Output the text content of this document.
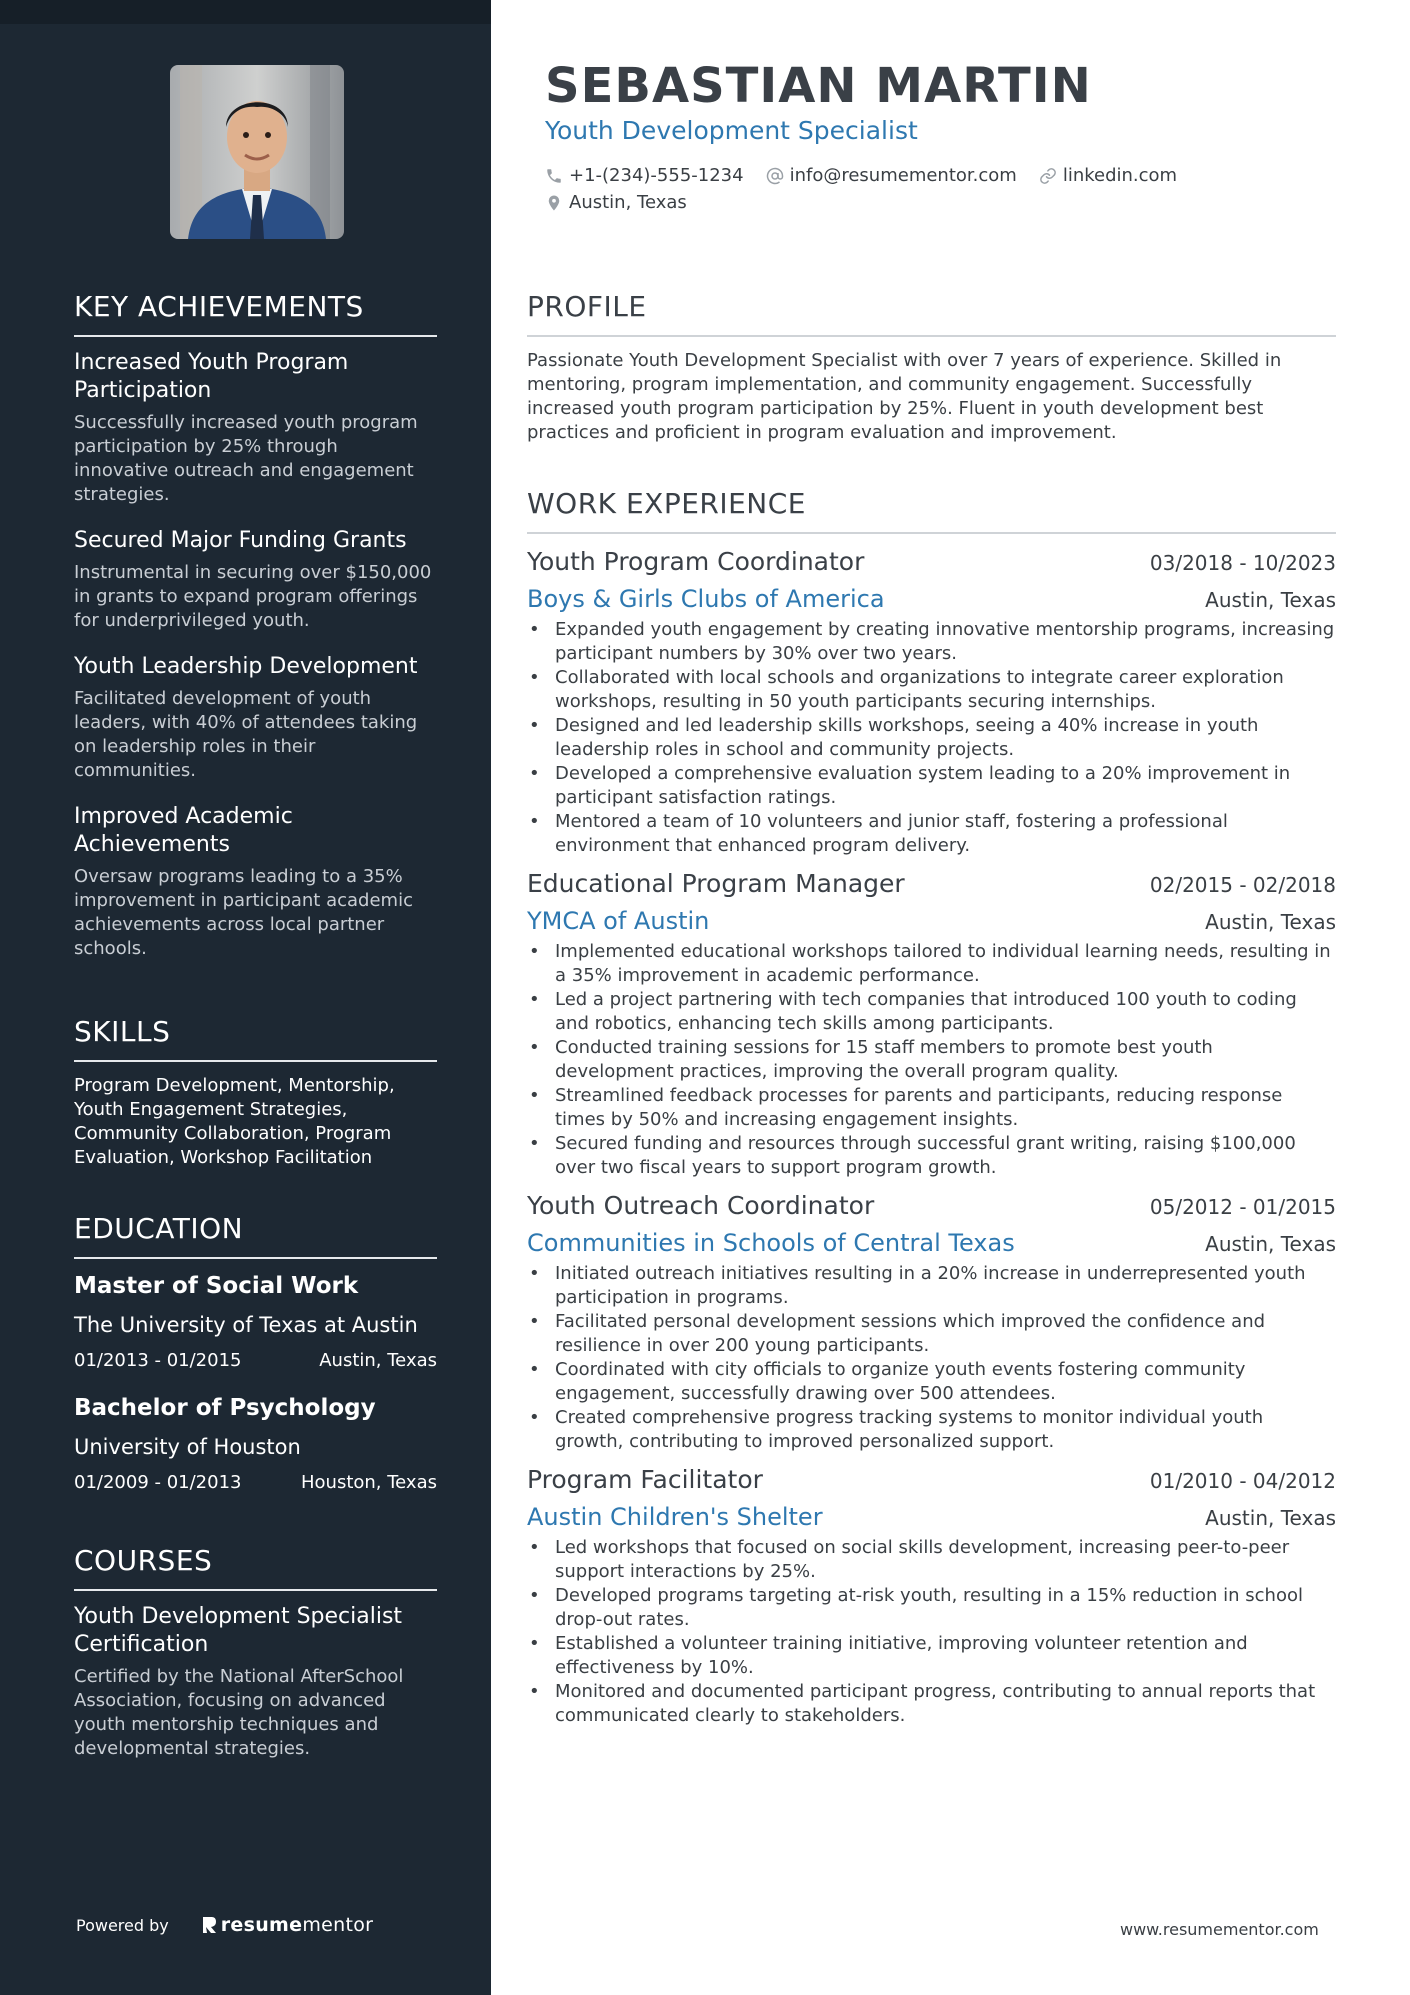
KEY ACHIEVEMENTS
Increased Youth Program Participation
Successfully increased youth program participation by 25% through innovative outreach and engagement strategies.
Secured Major Funding Grants
Instrumental in securing over $150,000 in grants to expand program offerings for underprivileged youth.
Youth Leadership Development
Facilitated development of youth leaders, with 40% of attendees taking on leadership roles in their communities.
Improved Academic Achievements
Oversaw programs leading to a 35% improvement in participant academic achievements across local partner schools.
SKILLS
Program Development, Mentorship, Youth Engagement Strategies, Community Collaboration, Program Evaluation, Workshop Facilitation
EDUCATION
Master of Social Work
The University of Texas at Austin
01/2013 - 01/2015	Austin, Texas
Bachelor of Psychology
University of Houston
01/2009 - 01/2013	Houston, Texas
COURSES
Youth Development Specialist Certification
Certified by the National AfterSchool Association, focusing on advanced youth mentorship techniques and developmental strategies.
Powered by	resume mentor
SEBASTIAN MARTIN
Youth Development Specialist
+1-(234)-555-1234	info@resumementor.com	linkedin.com
Austin, Texas
PROFILE
Passionate Youth Development Specialist with over 7 years of experience. Skilled in mentoring, program implementation, and community engagement. Successfully increased youth program participation by 25%. Fluent in youth development best practices and proficient in program evaluation and improvement.
WORK EXPERIENCE
Youth Program Coordinator	03/2018 - 10/2023
Boys & Girls Clubs of America	Austin, Texas
• Expanded youth engagement by creating innovative mentorship programs, increasing participant numbers by 30% over two years.
• Collaborated with local schools and organizations to integrate career exploration workshops, resulting in 50 youth participants securing internships.
• Designed and led leadership skills workshops, seeing a 40% increase in youth leadership roles in school and community projects.
• Developed a comprehensive evaluation system leading to a 20% improvement in participant satisfaction ratings.
• Mentored a team of 10 volunteers and junior staff, fostering a professional environment that enhanced program delivery.
Educational Program Manager	02/2015 - 02/2018
YMCA of Austin	Austin, Texas
• Implemented educational workshops tailored to individual learning needs, resulting in a 35% improvement in academic performance.
• Led a project partnering with tech companies that introduced 100 youth to coding and robotics, enhancing tech skills among participants.
• Conducted training sessions for 15 staff members to promote best youth development practices, improving the overall program quality.
• Streamlined feedback processes for parents and participants, reducing response times by 50% and increasing engagement insights.
• Secured funding and resources through successful grant writing, raising $100,000 over two fiscal years to support program growth.
Youth Outreach Coordinator	05/2012 - 01/2015
Communities in Schools of Central Texas	Austin, Texas
• Initiated outreach initiatives resulting in a 20% increase in underrepresented youth participation in programs.
• Facilitated personal development sessions which improved the confidence and resilience in over 200 young participants.
• Coordinated with city officials to organize youth events fostering community engagement, successfully drawing over 500 attendees.
• Created comprehensive progress tracking systems to monitor individual youth growth, contributing to improved personalized support.
Program Facilitator	01/2010 - 04/2012
Austin Children's Shelter	Austin, Texas
• Led workshops that focused on social skills development, increasing peer-to-peer support interactions by 25%.
• Developed programs targeting at-risk youth, resulting in a 15% reduction in school drop-out rates.
• Established a volunteer training initiative, improving volunteer retention and effectiveness by 10%.
• Monitored and documented participant progress, contributing to annual reports that communicated clearly to stakeholders.
www.resumementor.com
